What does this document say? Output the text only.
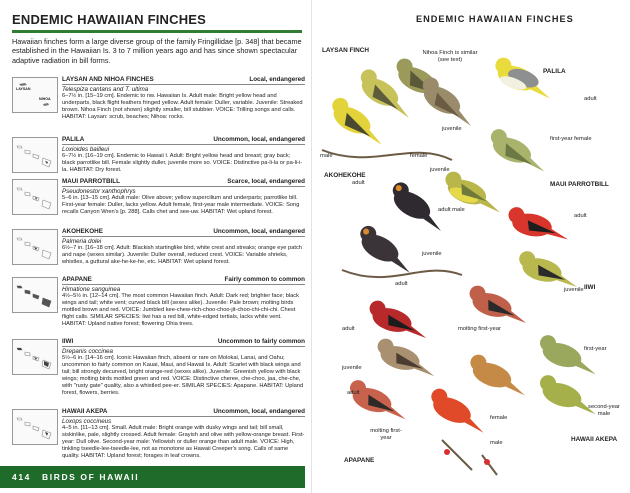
ENDEMIC HAWAIIAN FINCHES
Hawaiian finches form a large diverse group of the family Fringillidae [p. 348] that became established in the Hawaiian Is. 3 to 7 million years ago and has since shown spectacular adaptive radiation in bill forms.
LAYSAN
NIHOA
LAYSAN AND NIHOA FINCHES	Local, endangered
Telespiza cantans and T. ultima
6–7½ in. [15–19 cm]. Endemic to nw. Hawaiian Is. Adult male: Bright yellow head and underparts, black flight feathers fringed yellow. Adult female: Duller, variable. Juvenile: Streaked brown. Nihoa Finch (not shown) slightly smaller, bill stubbier. VOICE: Trilling songs and calls. HABITAT: Laysan: scrub, beaches; Nihoa: rocks.
PALILA	Uncommon, local, endangered
Loxioides bailleui
6–7½ in. [16–19 cm]. Endemic to Hawaii I. Adult: Bright yellow head and breast; gray back; black parrotlike bill. Female slightly duller, juvenile more so. VOICE: Distinctive pa-li-la or pa-li-i-la. HABITAT: Dry forest.
MAUI PARROTBILL	Scarce, local, endangered
Pseudonestor xanthophrys
5–6 in. [13–15 cm]. Adult male: Olive above; yellow supercilium and underparts; parrotlike bill. First-year female: Duller, lacks yellow. Adult female, first-year male intermediate. VOICE: Song recalls Canyon Wren's [p. 288]. Calls chet and see-uw. HABITAT: Wet upland forest.
AKOHEKOHE	Uncommon, local, endangered
Palmeria dolei
6½–7 in. [16–18 cm]. Adult: Blackish startinglike bird, white crest and streaks; orange eye patch and nape (sexes similar). Juvenile: Duller overall, reduced crest. VOICE: Variable shrieks, whistles, a guttural ake-he-ke-he, etc. HABITAT: Wet upland forest.
APAPANE	Fairly common to common
Himatione sanguinea
4½–5½ in. [12–14 cm]. The most common Hawaiian finch. Adult: Dark red; brighter face; black wings and tail; white vent; curved black bill (sexes alike). Juvenile: Pale brown; molting birds mottled brown and red. VOICE: Jumbled kee-chew-rich-choo-choo-jit-choo-chi-chi-chi. Chest flight calls. SIMILAR SPECIES: Iiwi has a red bill, white-edged tertials, lacks white vent. HABITAT: Upland native forest; flowering Ohia trees.
IIWI	Uncommon to fairly common
Drepanis coccinea
5½–6 in. [14–16 cm]. Iconic Hawaiian finch, absent or rare on Molokai, Lanai, and Oahu; uncommon to fairly common on Kauai, Maui, and Hawaii Is. Adult: Scarlet with black wings and tail; bill strongly decurved, bright orange-red (sexes alike). Juvenile: Greenish yellow with black wings; molting birds mottled green and red. VOICE: Distinctive cheree, che-choo, jaa, che-che, with "rusty gate" quality, also a whistled pee-er. SIMILAR SPECIES: Apapane. HABITAT: Upland forest, flowers, berries.
HAWAII AKEPA	Uncommon, local, endangered
Loxops coccineus
4–5 in. [11–13 cm]. Small. Adult male: Bright orange with dusky wings and tail; bill small, siskinlike, pale, slightly crossed. Adult female: Grayish and olive with yellow-orange breast. First-year: Dull olive. Second-year male: Yellowish or duller orange than adult male. VOICE: High, tinkling tseedle-lee-tseedle-lee, not as monotone as Hawaii Creeper's song. Calls of same quality. HABITAT: Upland forest; forages in leaf crowns.
414	BIRDS OF HAWAII
ENDEMIC HAWAIIAN FINCHES
LAYSAN FINCH
PALILA
MAUI PARROTBILL
AKOHEKOHE
IIWI
APAPANE
HAWAII AKEPA
Nihoa Finch is similar (see text)
male	female
juvenile
adult
juvenile
adult
first-year female
adult male
adult
juvenile
adult
juvenile
molting first-year
adult
juvenile
adult
molting first-year
first-year
second-year male
female
male
